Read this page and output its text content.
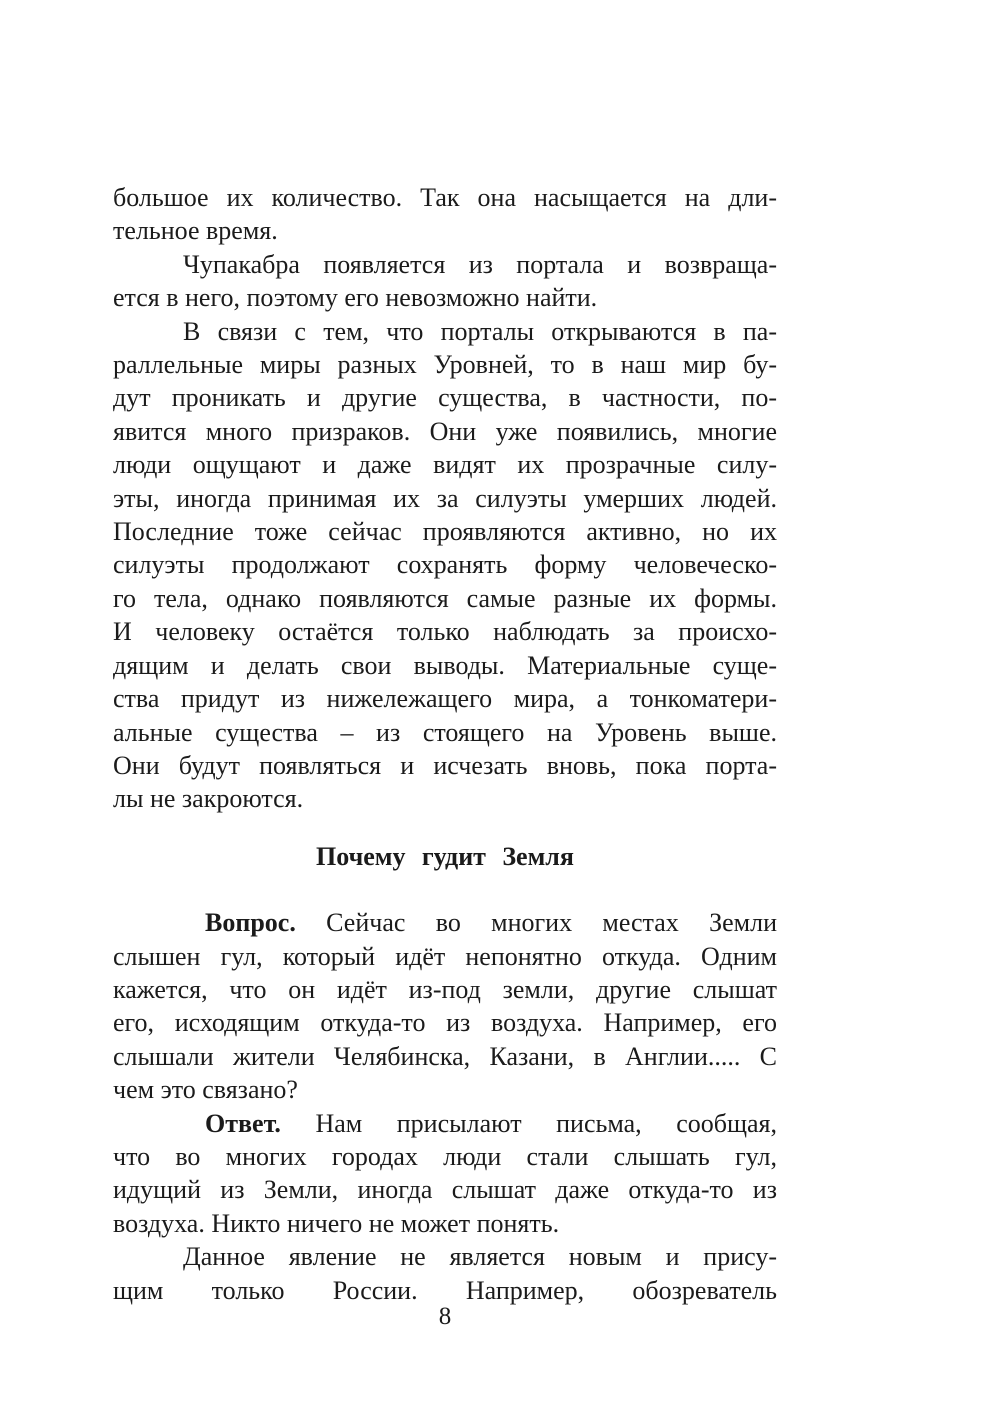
большое их количество. Так она насыщается на дли-
тельное время.
Чупакабра появляется из портала и возвраща-
ется в него, поэтому его невозможно найти.
В связи с тем, что порталы открываются в па-
раллельные миры разных Уровней, то в наш мир бу-
дут проникать и другие существа, в частности, по-
явится много призраков. Они уже появились, многие
люди ощущают и даже видят их прозрачные силу-
эты, иногда принимая их за силуэты умерших людей.
Последние тоже сейчас проявляются активно, но их
силуэты продолжают сохранять форму человеческо-
го тела, однако появляются самые разные их формы.
И человеку остаётся только наблюдать за происхо-
дящим и делать свои выводы. Материальные суще-
ства придут из нижележащего мира, а тонкоматери-
альные существа – из стоящего на Уровень выше.
Они будут появляться и исчезать вновь, пока порта-
лы не закроются.
Почему гудит Земля
Вопрос. Сейчас во многих местах Земли
слышен гул, который идёт непонятно откуда. Одним
кажется, что он идёт из-под земли, другие слышат
его, исходящим откуда-то из воздуха. Например, его
слышали жители Челябинска, Казани, в Англии..... С
чем это связано?
Ответ. Нам присылают письма, сообщая,
что во многих городах люди стали слышать гул,
идущий из Земли, иногда слышат даже откуда-то из
воздуха. Никто ничего не может понять.
Данное явление не является новым и прису-
щим только России. Например, обозреватель
8
